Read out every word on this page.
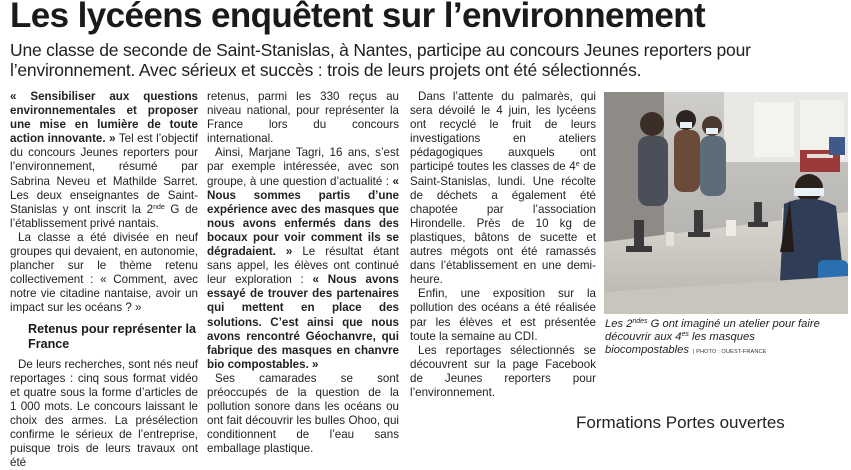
Les lycéens enquêtent sur l’environnement

Une classe de seconde de Saint-Stanislas, à Nantes, participe au concours Jeunes reporters pour l’environnement. Avec sérieux et succès : trois de leurs projets ont été sélectionnés.

« Sensibiliser aux questions environnementales et proposer une mise en lumière de toute action innovante. » Tel est l’objectif du concours Jeunes reporters pour l’environnement, résumé par Sabrina Neveu et Mathilde Sarret. Les deux enseignantes de Saint-Stanislas y ont inscrit la 2nde G de l’établissement privé nantais.

La classe a été divisée en neuf groupes qui devaient, en autonomie, plancher sur le thème retenu collectivement : « Comment, avec notre vie citadine nantaise, avoir un impact sur les océans ? »

Retenus pour représenter la France

De leurs recherches, sont nés neuf reportages : cinq sous format vidéo et quatre sous la forme d’articles de 1 000 mots. Le concours laissant le choix des armes. La présélection confirme le sérieux de l’entreprise, puisque trois de leurs travaux ont été

retenus, parmi les 330 reçus au niveau national, pour représenter la France lors du concours international.

Ainsi, Marjane Tagri, 16 ans, s’est par exemple intéressée, avec son groupe, à une question d’actualité : « Nous sommes partis d’une expérience avec des masques que nous avons enfermés dans des bocaux pour voir comment ils se dégradaient. » Le résultat étant sans appel, les élèves ont continué leur exploration : « Nous avons essayé de trouver des partenaires qui mettent en place des solutions. C’est ainsi que nous avons rencontré Géochanvre, qui fabrique des masques en chanvre bio compostables. »

Ses camarades se sont préoccupés de la question de la pollution sonore dans les océans ou ont fait découvrir les bulles Ohoo, qui conditionnent de l’eau sans emballage plastique.

Dans l’attente du palmarès, qui sera dévoilé le 4 juin, les lycéens ont recyclé le fruit de leurs investigations en ateliers pédagogiques auxquels ont participé toutes les classes de 4e de Saint-Stanislas, lundi. Une récolte de déchets a également été chapotée par l’association Hirondelle. Près de 10 kg de plastiques, bâtons de sucette et autres mégots ont été ramassés dans l’établissement en une demi-heure.

Enfin, une exposition sur la pollution des océans a été réalisée par les élèves et est présentée toute la semaine au CDI.

Les reportages sélectionnés se découvrent sur la page Facebook de Jeunes reporters pour l’environnement.

Les $2^{ndes}$ G ont imaginé un atelier pour faire découvrir aux $4^{es}$ les masques biocompostables | PHOTO : OUEST-FRANCE

Formations Portes ouvertes
